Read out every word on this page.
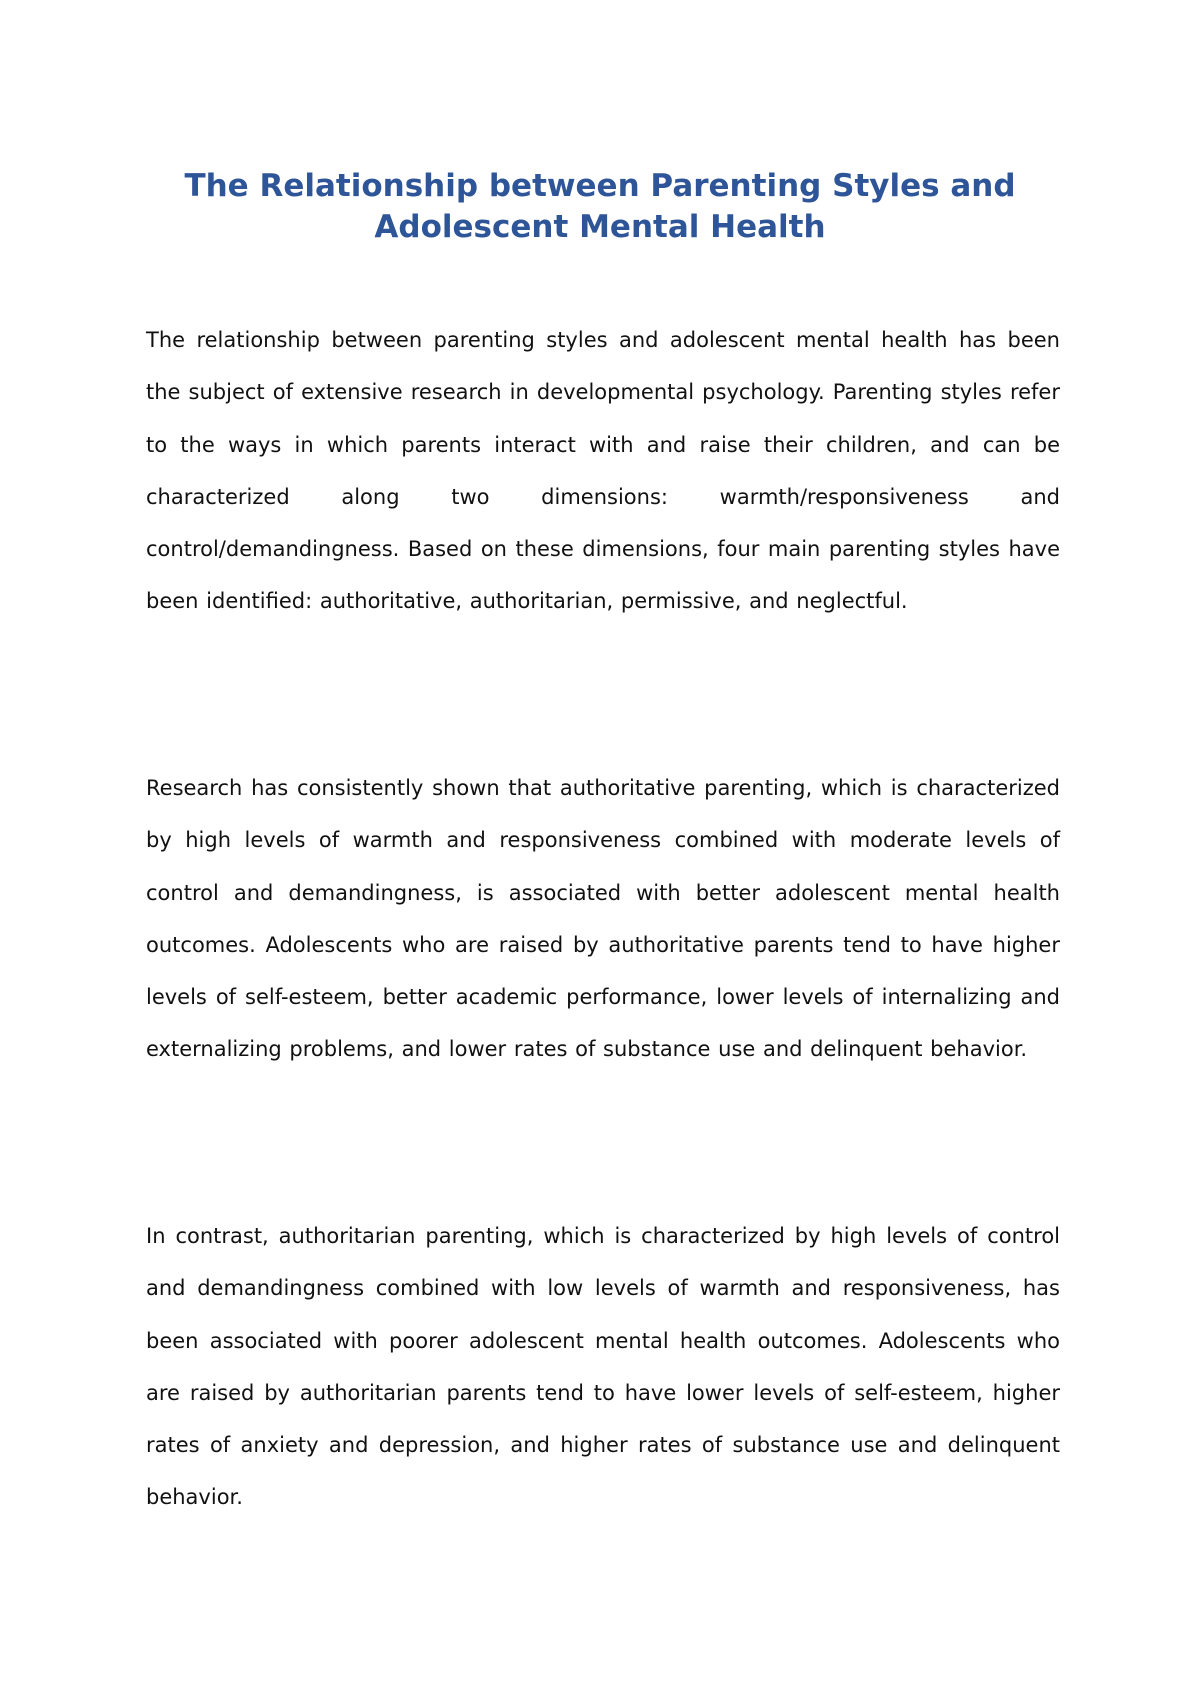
The Relationship between Parenting Styles and Adolescent Mental Health

The relationship between parenting styles and adolescent mental health has been the subject of extensive research in developmental psychology. Parenting styles refer to the ways in which parents interact with and raise their children, and can be characterized along two dimensions: warmth/responsiveness and control/demandingness. Based on these dimensions, four main parenting styles have been identified: authoritative, authoritarian, permissive, and neglectful.

Research has consistently shown that authoritative parenting, which is characterized by high levels of warmth and responsiveness combined with moderate levels of control and demandingness, is associated with better adolescent mental health outcomes. Adolescents who are raised by authoritative parents tend to have higher levels of self-esteem, better academic performance, lower levels of internalizing and externalizing problems, and lower rates of substance use and delinquent behavior.

In contrast, authoritarian parenting, which is characterized by high levels of control and demandingness combined with low levels of warmth and responsiveness, has been associated with poorer adolescent mental health outcomes. Adolescents who are raised by authoritarian parents tend to have lower levels of self-esteem, higher rates of anxiety and depression, and higher rates of substance use and delinquent behavior.
